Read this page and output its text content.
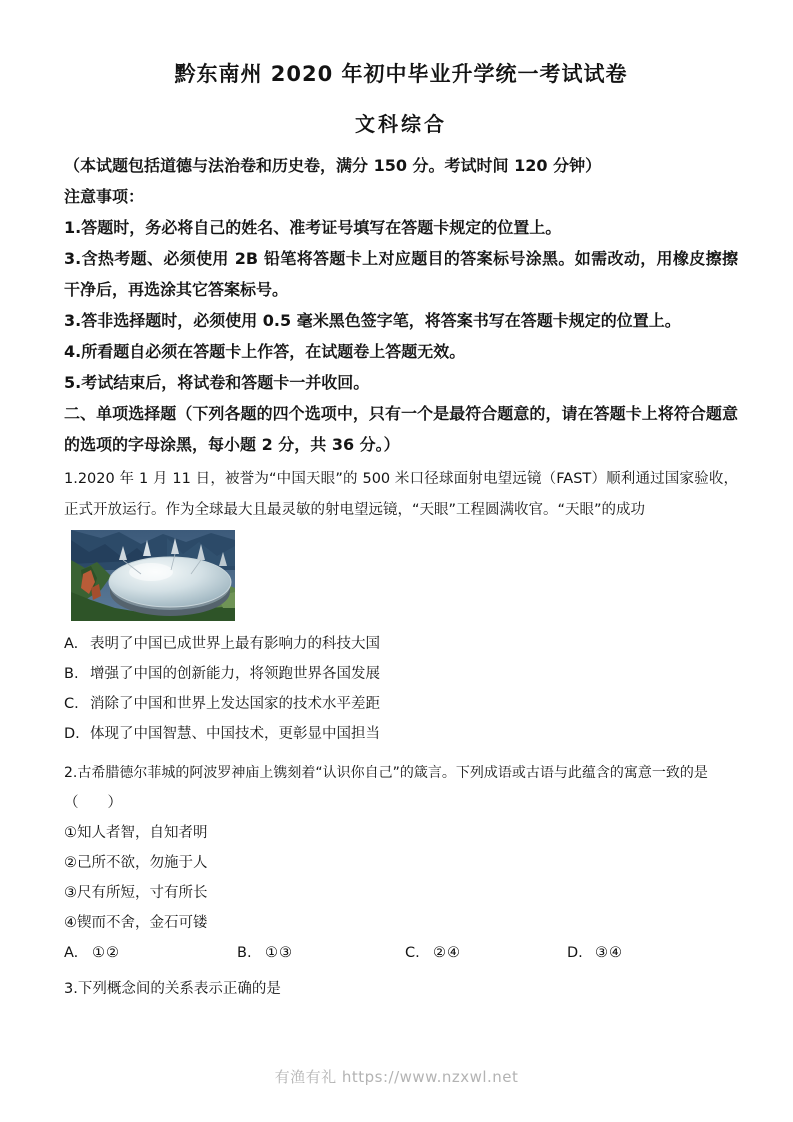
黔东南州 2020 年初中毕业升学统一考试试卷
文科综合
（本试题包括道德与法治卷和历史卷，满分 150 分。考试时间 120 分钟）
注意事项：
1.答题时，务必将自己的姓名、准考证号填写在答题卡规定的位置上。
3.含热考题、必须使用 2B 铅笔将答题卡上对应题目的答案标号涂黑。如需改动，用橡皮擦擦干净后，再选涂其它答案标号。
3.答非选择题时，必须使用 0.5 毫米黑色签字笔，将答案书写在答题卡规定的位置上。
4.所看题自必须在答题卡上作答，在试题卷上答题无效。
5.考试结束后，将试卷和答题卡一并收回。
二、单项选择题（下列各题的四个选项中，只有一个是最符合题意的，请在答题卡上将符合题意的选项的字母涂黑，每小题 2 分，共 36 分。）
1.2020 年 1 月 11 日，被誉为“中国天眼”的 500 米口径球面射电望远镜（FAST）顺利通过国家验收，正式开放运行。作为全球最大且最灵敏的射电望远镜，“天眼”工程圆满收官。“天眼”的成功
A. 表明了中国已成世界上最有影响力的科技大国
B. 增强了中国的创新能力，将领跑世界各国发展
C. 消除了中国和世界上发达国家的技术水平差距
D. 体现了中国智慧、中国技术，更彰显中国担当
2.古希腊德尔菲城的阿波罗神庙上镌刻着“认识你自己”的箴言。下列成语或古语与此蕴含的寓意一致的是
（　　）
①知人者智，自知者明
②己所不欲，勿施于人
③尺有所短，寸有所长
④锲而不舍，金石可镂
A. ①②	B. ①③	C. ②④	D. ③④
3.下列概念间的关系表示正确的是
有渔有礼 https://www.nzxwl.net
